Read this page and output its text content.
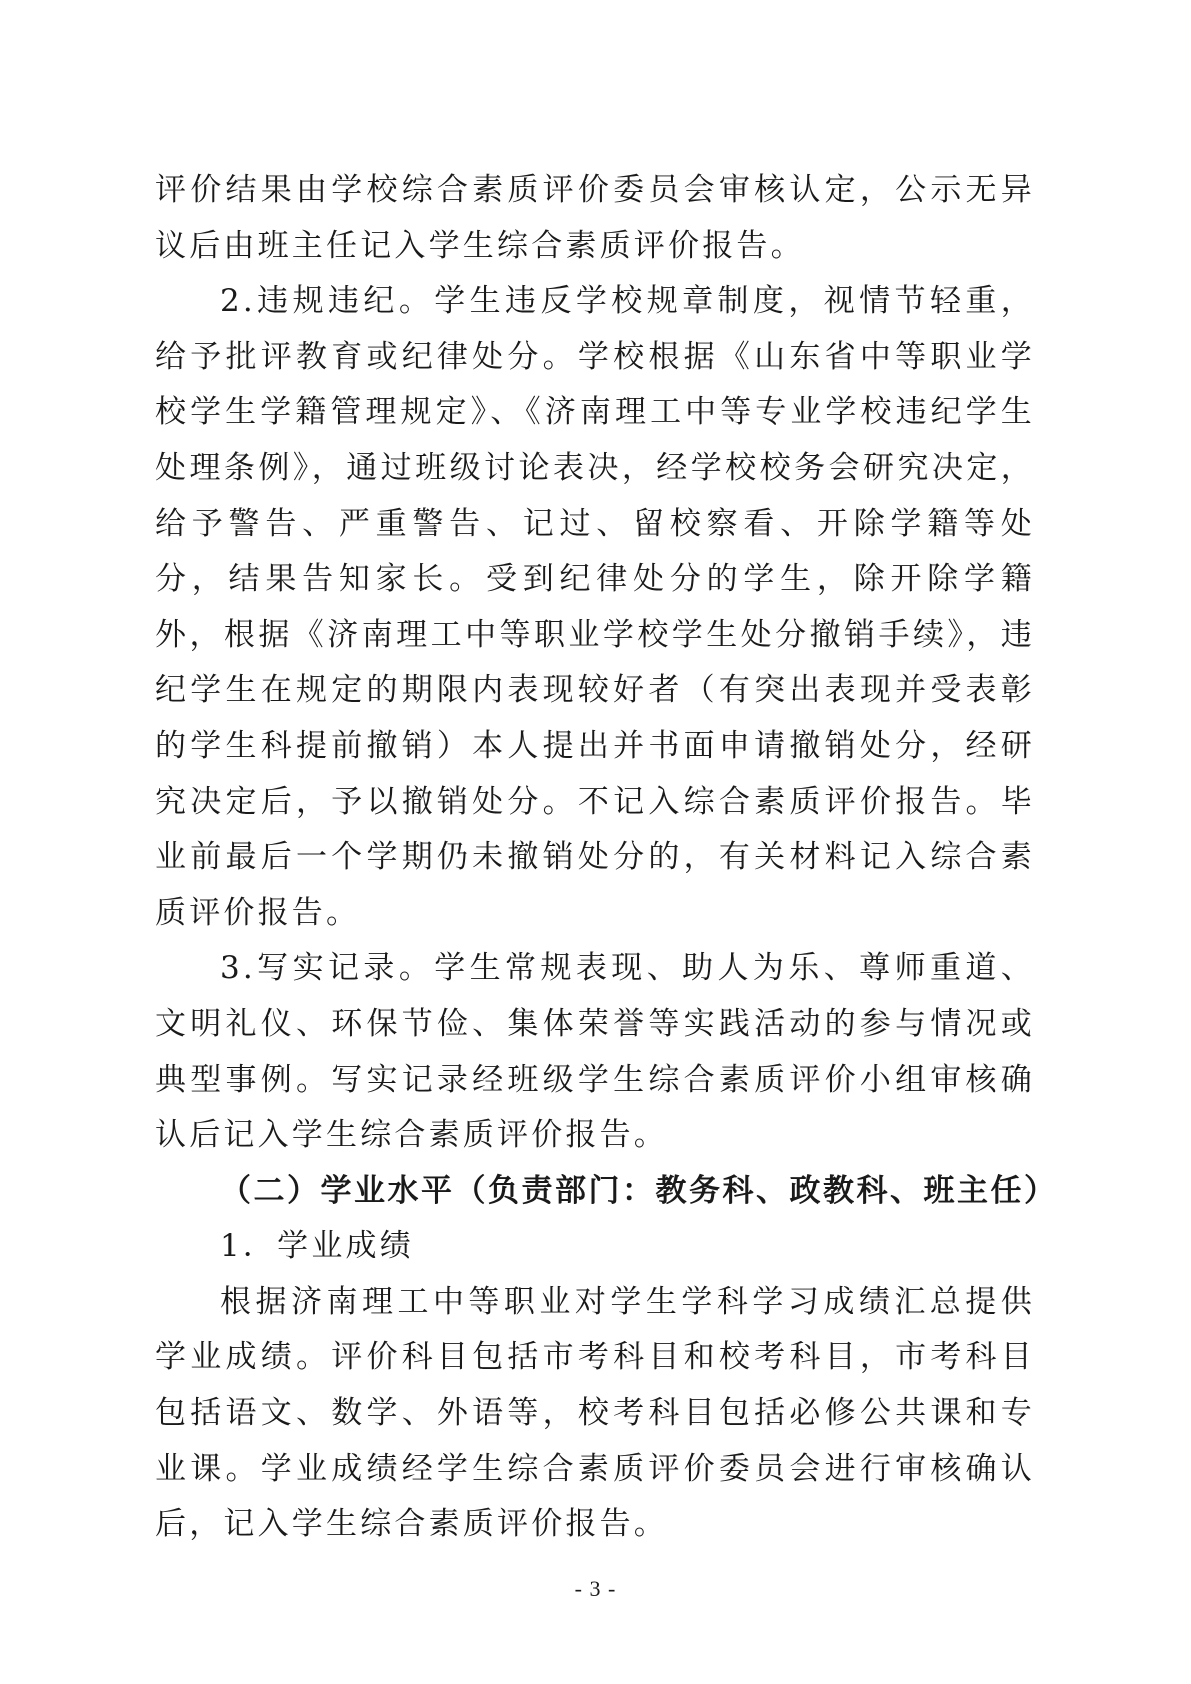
评价结果由学校综合素质评价委员会审核认定，公示无异议后由班主任记入学生综合素质评价报告。

2.违规违纪。学生违反学校规章制度，视情节轻重，给予批评教育或纪律处分。学校根据《山东省中等职业学校学生学籍管理规定》、《济南理工中等专业学校违纪学生处理条例》，通过班级讨论表决，经学校校务会研究决定，给予警告、严重警告、记过、留校察看、开除学籍等处分，结果告知家长。受到纪律处分的学生，除开除学籍外，根据《济南理工中等职业学校学生处分撤销手续》，违纪学生在规定的期限内表现较好者（有突出表现并受表彰的学生科提前撤销）本人提出并书面申请撤销处分，经研究决定后，予以撤销处分。不记入综合素质评价报告。毕业前最后一个学期仍未撤销处分的，有关材料记入综合素质评价报告。

3.写实记录。学生常规表现、助人为乐、尊师重道、文明礼仪、环保节俭、集体荣誉等实践活动的参与情况或典型事例。写实记录经班级学生综合素质评价小组审核确认后记入学生综合素质评价报告。

（二）学业水平（负责部门：教务科、政教科、班主任）

1．学业成绩

根据济南理工中等职业对学生学科学习成绩汇总提供学业成绩。评价科目包括市考科目和校考科目，市考科目包括语文、数学、外语等，校考科目包括必修公共课和专业课。学业成绩经学生综合素质评价委员会进行审核确认后，记入学生综合素质评价报告。

- 3 -
